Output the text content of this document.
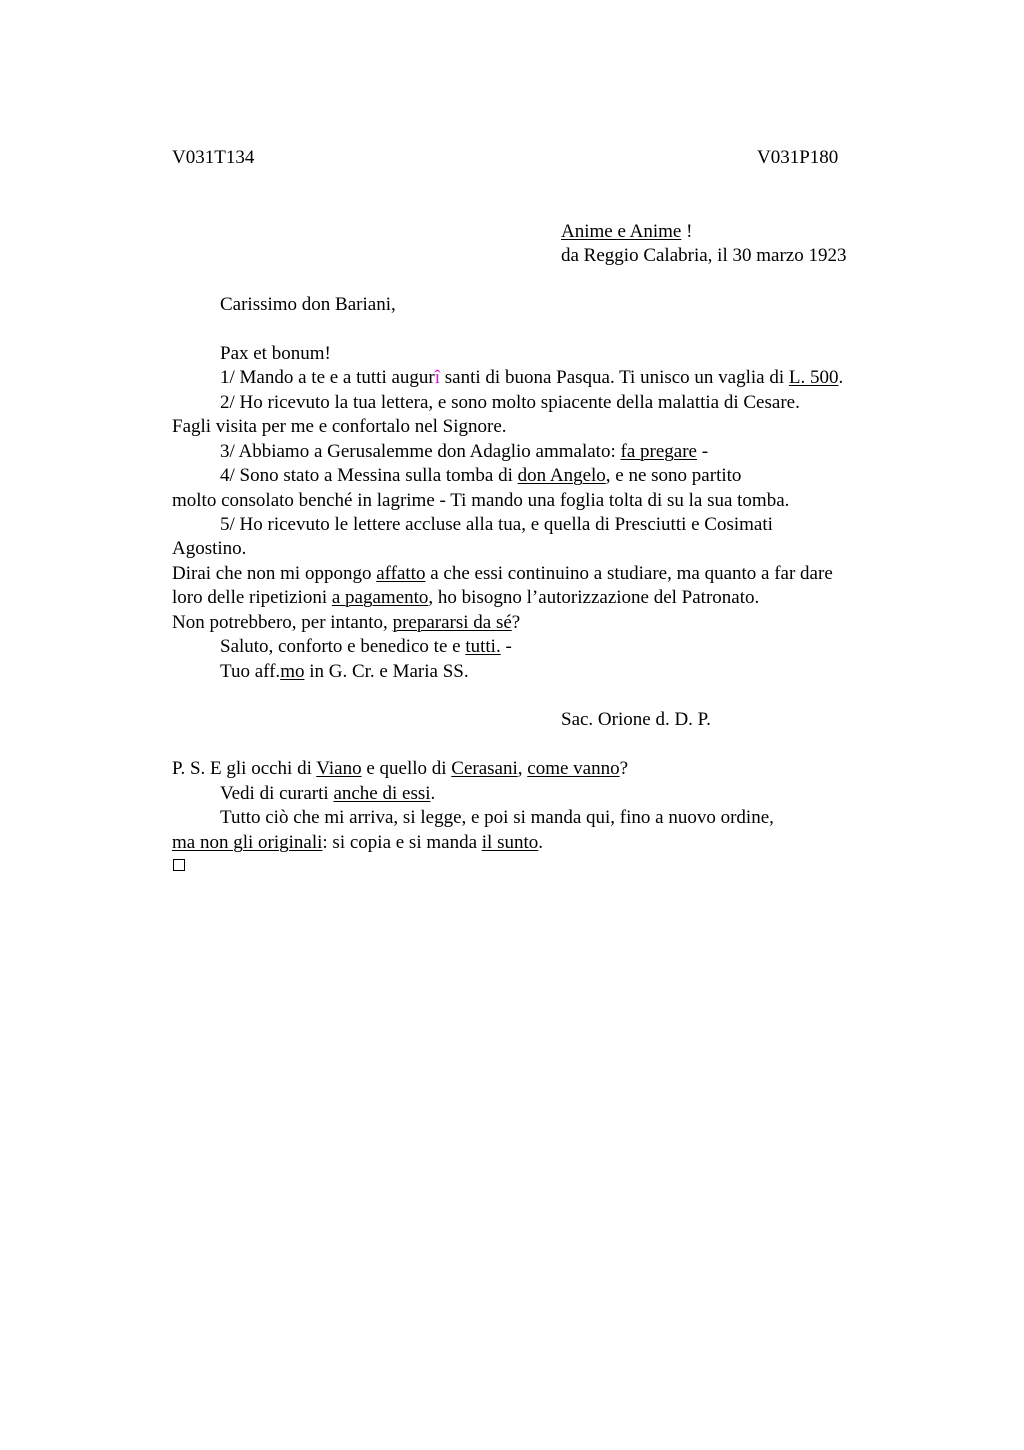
V031T134	V031P180
Anime e Anime !
da Reggio Calabria, il 30 marzo 1923
Carissimo don Bariani,
Pax et bonum!
1/ Mando a te e a tutti augurî santi di buona Pasqua. Ti unisco un vaglia di L. 500.
2/ Ho ricevuto la tua lettera, e sono molto spiacente della malattia di Cesare.
Fagli visita per me e confortalo nel Signore.
3/ Abbiamo a Gerusalemme don Adaglio ammalato: fa pregare -
4/ Sono stato a Messina sulla tomba di don Angelo, e ne sono partito
molto consolato benché in lagrime - Ti mando una foglia tolta di su la sua tomba.
5/ Ho ricevuto le lettere accluse alla tua, e quella di Presciutti e Cosimati
Agostino.
Dirai che non mi oppongo affatto a che essi continuino a studiare, ma quanto a far dare
loro delle ripetizioni a pagamento, ho bisogno l’autorizzazione del Patronato.
Non potrebbero, per intanto, prepararsi da sé?
Saluto, conforto e benedico te e tutti. -
Tuo aff.mo in G. Cr. e Maria SS.
Sac. Orione d. D. P.
P. S. E gli occhi di Viano e quello di Cerasani, come vanno?
Vedi di curarti anche di essi.
Tutto ciò che mi arriva, si legge, e poi si manda qui, fino a nuovo ordine,
ma non gli originali: si copia e si manda il sunto.
